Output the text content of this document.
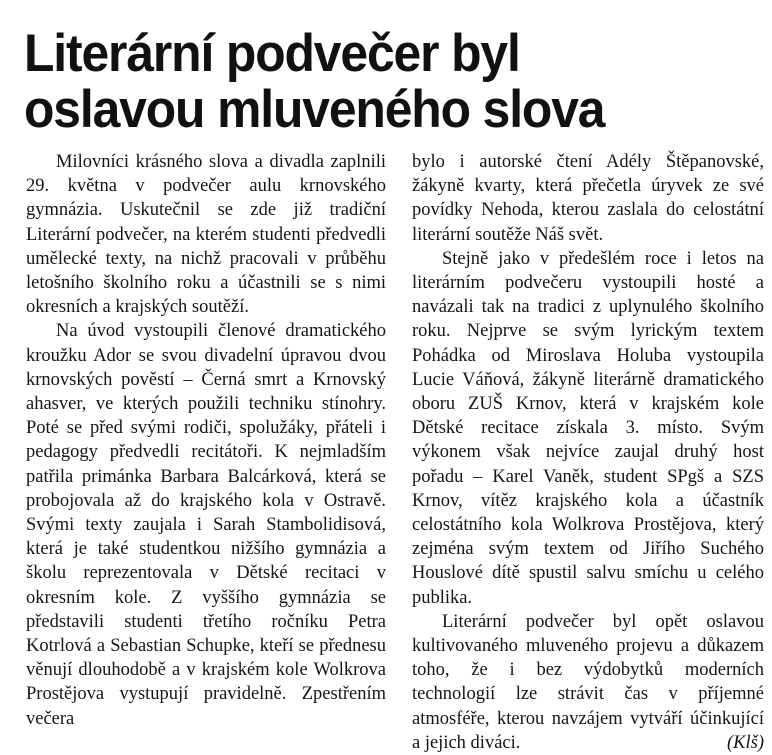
Literární podvečer byl
oslavou mluveného slova

Milovníci krásného slova a divadla zaplnili 29. května v podvečer aulu krnovského gymnázia. Uskutečnil se zde již tradiční Literární podvečer, na kterém studenti předvedli umělecké texty, na nichž pracovali v průběhu letošního školního roku a účastnili se s nimi okresních a krajských soutěží.

Na úvod vystoupili členové dramatického kroužku Ador se svou divadelní úpravou dvou krnovských pověstí – Černá smrt a Krnovský ahasver, ve kterých použili techniku stínohry. Poté se před svými rodiči, spolužáky, přáteli i pedagogy předvedli recitátoři. K nejmladším patřila primánka Barbara Balcárková, která se probojovala až do krajského kola v Ostravě. Svými texty zaujala i Sarah Stambolidisová, která je také studentkou nižšího gymnázia a školu reprezentovala v Dětské recitaci v okresním kole. Z vyššího gymnázia se představili studenti třetího ročníku Petra Kotrlová a Sebastian Schupke, kteří se přednesu věnují dlouhodobě a v krajském kole Wolkrova Prostějova vystupují pravidelně. Zpestřením večera

bylo i autorské čtení Adély Štěpanovské, žákyně kvarty, která přečetla úryvek ze své povídky Nehoda, kterou zaslala do celostátní literární soutěže Náš svět.

Stejně jako v předešlém roce i letos na literárním podvečeru vystoupili hosté a navázali tak na tradici z uplynulého školního roku. Nejprve se svým lyrickým textem Pohádka od Miroslava Holuba vystoupila Lucie Váňová, žákyně literárně dramatického oboru ZUŠ Krnov, která v krajském kole Dětské recitace získala 3. místo. Svým výkonem však nejvíce zaujal druhý host pořadu – Karel Vaněk, student SPgš a SZS Krnov, vítěz krajského kola a účastník celostátního kola Wolkrova Prostějova, který zejména svým textem od Jiřího Suchého Houslové dítě spustil salvu smíchu u celého publika.

Literární podvečer byl opět oslavou kultivovaného mluveného projevu a důkazem toho, že i bez výdobytků moderních technologií lze strávit čas v příjemné atmosféře, kterou navzájem vytváří účinkující a jejich diváci.	(Klš)
